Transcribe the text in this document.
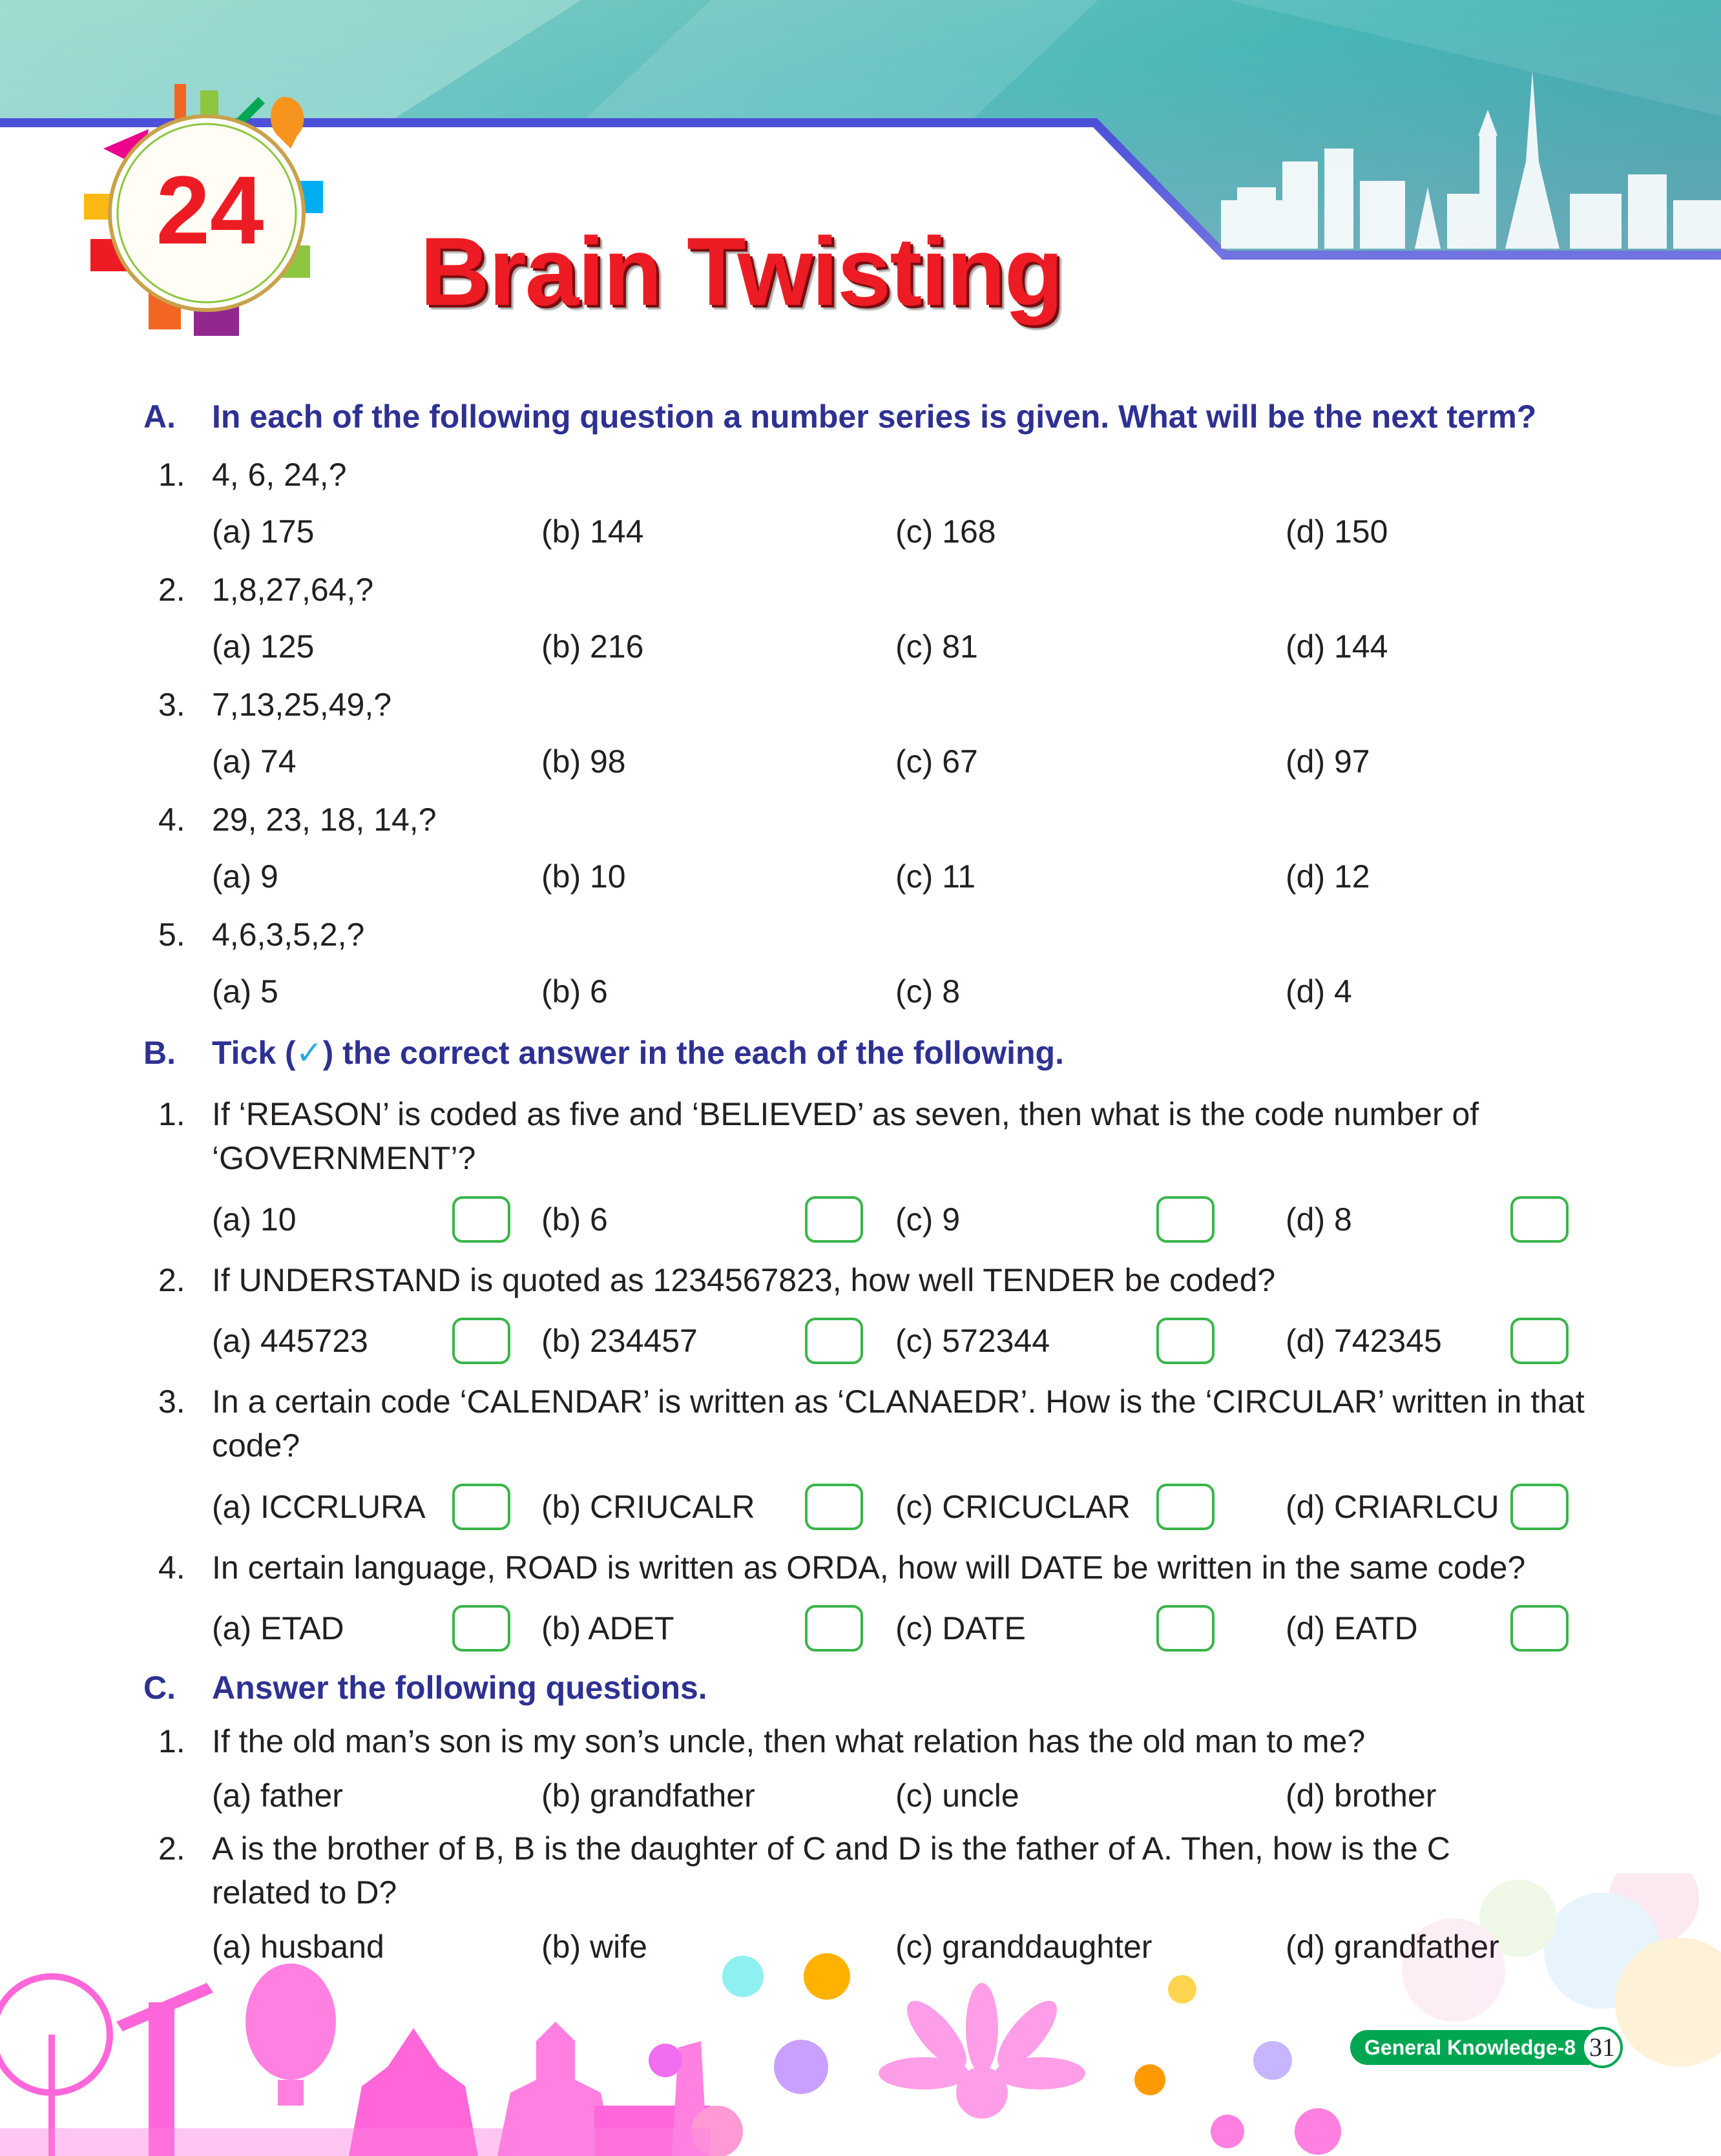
24
Brain Twisting
A. In each of the following question a number series is given. What will be the next term?
1. 4, 6, 24,?
(a) 175	(b) 144	(c) 168	(d) 150
2. 1,8,27,64,?
(a) 125	(b) 216	(c) 81	(d) 144
3. 7,13,25,49,?
(a) 74	(b) 98	(c) 67	(d) 97
4. 29, 23, 18, 14,?
(a) 9	(b) 10	(c) 11	(d) 12
5. 4,6,3,5,2,?
(a) 5	(b) 6	(c) 8	(d) 4
B. Tick (✓) the correct answer in the each of the following.
1. If ‘REASON’ is coded as five and ‘BELIEVED’ as seven, then what is the code number of
‘GOVERNMENT’?
(a) 10	(b) 6	(c) 9	(d) 8
2. If UNDERSTAND is quoted as 1234567823, how well TENDER be coded?
(a) 445723	(b) 234457	(c) 572344	(d) 742345
3. In a certain code ‘CALENDAR’ is written as ‘CLANAEDR’. How is the ‘CIRCULAR’ written in that
code?
(a) ICCRLURA	(b) CRIUCALR	(c) CRICUCLAR	(d) CRIARLCU
4. In certain language, ROAD is written as ORDA, how will DATE be written in the same code?
(a) ETAD	(b) ADET	(c) DATE	(d) EATD
C. Answer the following questions.
1. If the old man’s son is my son’s uncle, then what relation has the old man to me?
(a) father	(b) grandfather	(c) uncle	(d) brother
2. A is the brother of B, B is the daughter of C and D is the father of A. Then, how is the C
related to D?
(a) husband	(b) wife	(c) granddaughter	(d) grandfather
General Knowledge-8 31
